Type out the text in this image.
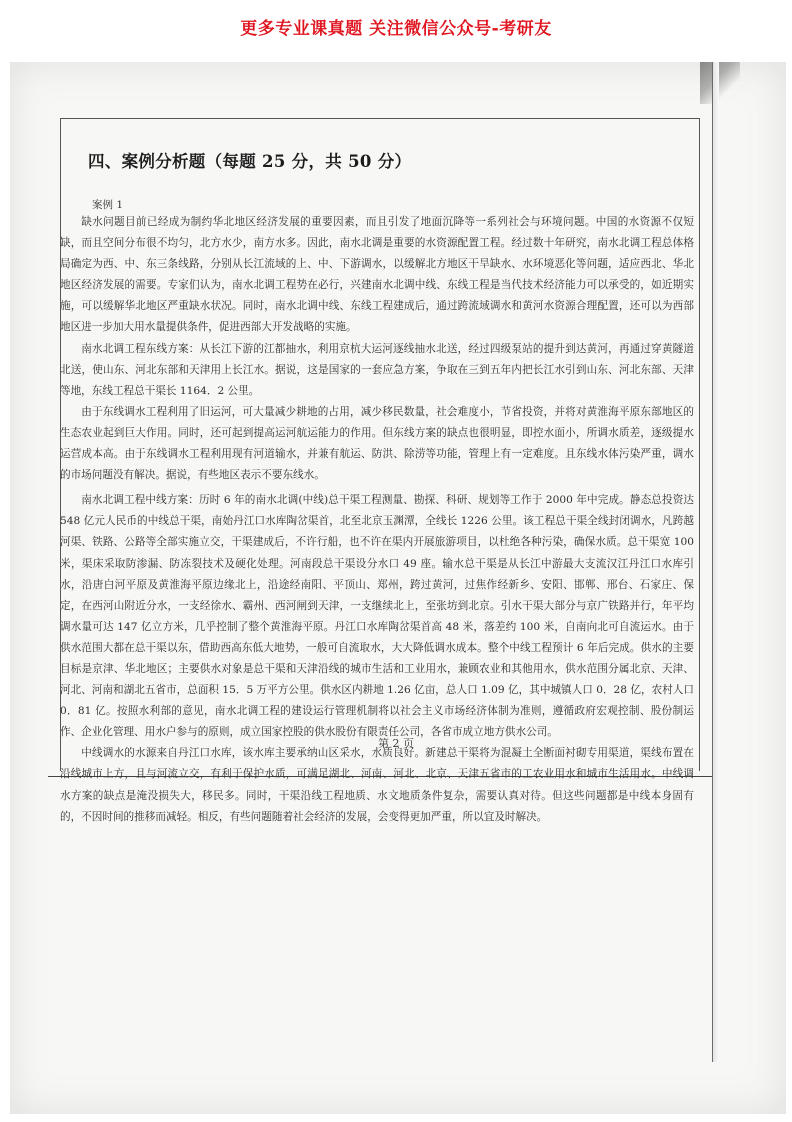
更多专业课真题 关注微信公众号-考研友
四、案例分析题（每题 25 分，共 50 分）
案例 1

缺水问题目前已经成为制约华北地区经济发展的重要因素，而且引发了地面沉降等一系列社会与环境问题。中国的水资源不仅短缺，而且空间分布很不均匀，北方水少，南方水多。因此，南水北调是重要的水资源配置工程。经过数十年研究，南水北调工程总体格局确定为西、中、东三条线路，分别从长江流域的上、中、下游调水，以缓解北方地区干旱缺水、水环境恶化等问题，适应西北、华北地区经济发展的需要。专家们认为，南水北调工程势在必行，兴建南水北调中线、东线工程是当代技术经济能力可以承受的，如近期实施，可以缓解华北地区严重缺水状况。同时，南水北调中线、东线工程建成后，通过跨流域调水和黄河水资源合理配置，还可以为西部地区进一步加大用水量提供条件，促进西部大开发战略的实施。

南水北调工程东线方案：从长江下游的江都抽水，利用京杭大运河逐线抽水北送，经过四级泵站的提升到达黄河，再通过穿黄隧道北送，使山东、河北东部和天津用上长江水。据说，这是国家的一套应急方案，争取在三到五年内把长江水引到山东、河北东部、天津等地，东线工程总干渠长 1164．2 公里。

由于东线调水工程利用了旧运河，可大量减少耕地的占用，减少移民数量，社会难度小，节省投资，并将对黄淮海平原东部地区的生态农业起到巨大作用。同时，还可起到提高运河航运能力的作用。但东线方案的缺点也很明显，即控水面小，所调水质差，逐级提水运营成本高。由于东线调水工程利用现有河道输水，并兼有航运、防洪、除涝等功能，管理上有一定难度。且东线水体污染严重，调水的市场问题没有解决。据说，有些地区表示不要东线水。

南水北调工程中线方案：历时 6 年的南水北调(中线)总干渠工程测量、勘探、科研、规划等工作于 2000 年中完成。静态总投资达 548 亿元人民币的中线总干渠，南始丹江口水库陶岔渠首，北至北京玉渊潭，全线长 1226 公里。该工程总干渠全线封闭调水，凡跨越河渠、铁路、公路等全部实施立交，干渠建成后，不许行船，也不许在渠内开展旅游项目，以杜绝各种污染，确保水质。总干渠宽 100 米，渠床采取防渗漏、防冻裂技术及硬化处理。河南段总干渠设分水口 49 座。输水总干渠是从长江中游最大支流汉江丹江口水库引水，沿唐白河平原及黄淮海平原边缘北上，沿途经南阳、平顶山、郑州，跨过黄河，过焦作经新乡、安阳、邯郸、邢台、石家庄、保定，在西河山附近分水，一支经徐水、霸州、西河闸到天津，一支继续北上，至张坊到北京。引水干渠大部分与京广铁路并行，年平均调水量可达 147 亿立方米，几乎控制了整个黄淮海平原。丹江口水库陶岔渠首高 48 米，落差约 100 米，自南向北可自流运水。由于供水范围大都在总干渠以东，借助西高东低大地势，一般可自流取水，大大降低调水成本。整个中线工程预计 6 年后完成。供水的主要目标是京津、华北地区；主要供水对象是总干渠和天津沿线的城市生活和工业用水，兼顾农业和其他用水，供水范围分属北京、天津、河北、河南和湖北五省市，总面积 15．5 万平方公里。供水区内耕地 1.26 亿亩，总人口 1.09 亿，其中城镇人口 0．28 亿，农村人口 0．81 亿。按照水利部的意见，南水北调工程的建设运行管理机制将以社会主义市场经济体制为准则，遵循政府宏观控制、股份制运作、企业化管理、用水户参与的原则，成立国家控股的供水股份有限责任公司，各省市成立地方供水公司。

中线调水的水源来自丹江口水库，该水库主要承纳山区采水，水质良好。新建总干渠将为混凝土全断面衬砌专用渠道，渠线布置在沿线城市上方，且与河流立交，有利于保护水质，可满足湖北、河南、河北、北京、天津五省市的工农业用水和城市生活用水。中线调水方案的缺点是淹没损失大，移民多。同时，干渠沿线工程地质、水文地质条件复杂，需要认真对待。但这些问题都是中线本身固有的，不因时间的推移而减轻。相反，有些问题随着社会经济的发展，会变得更加严重，所以宜及时解决。

第 2 页
